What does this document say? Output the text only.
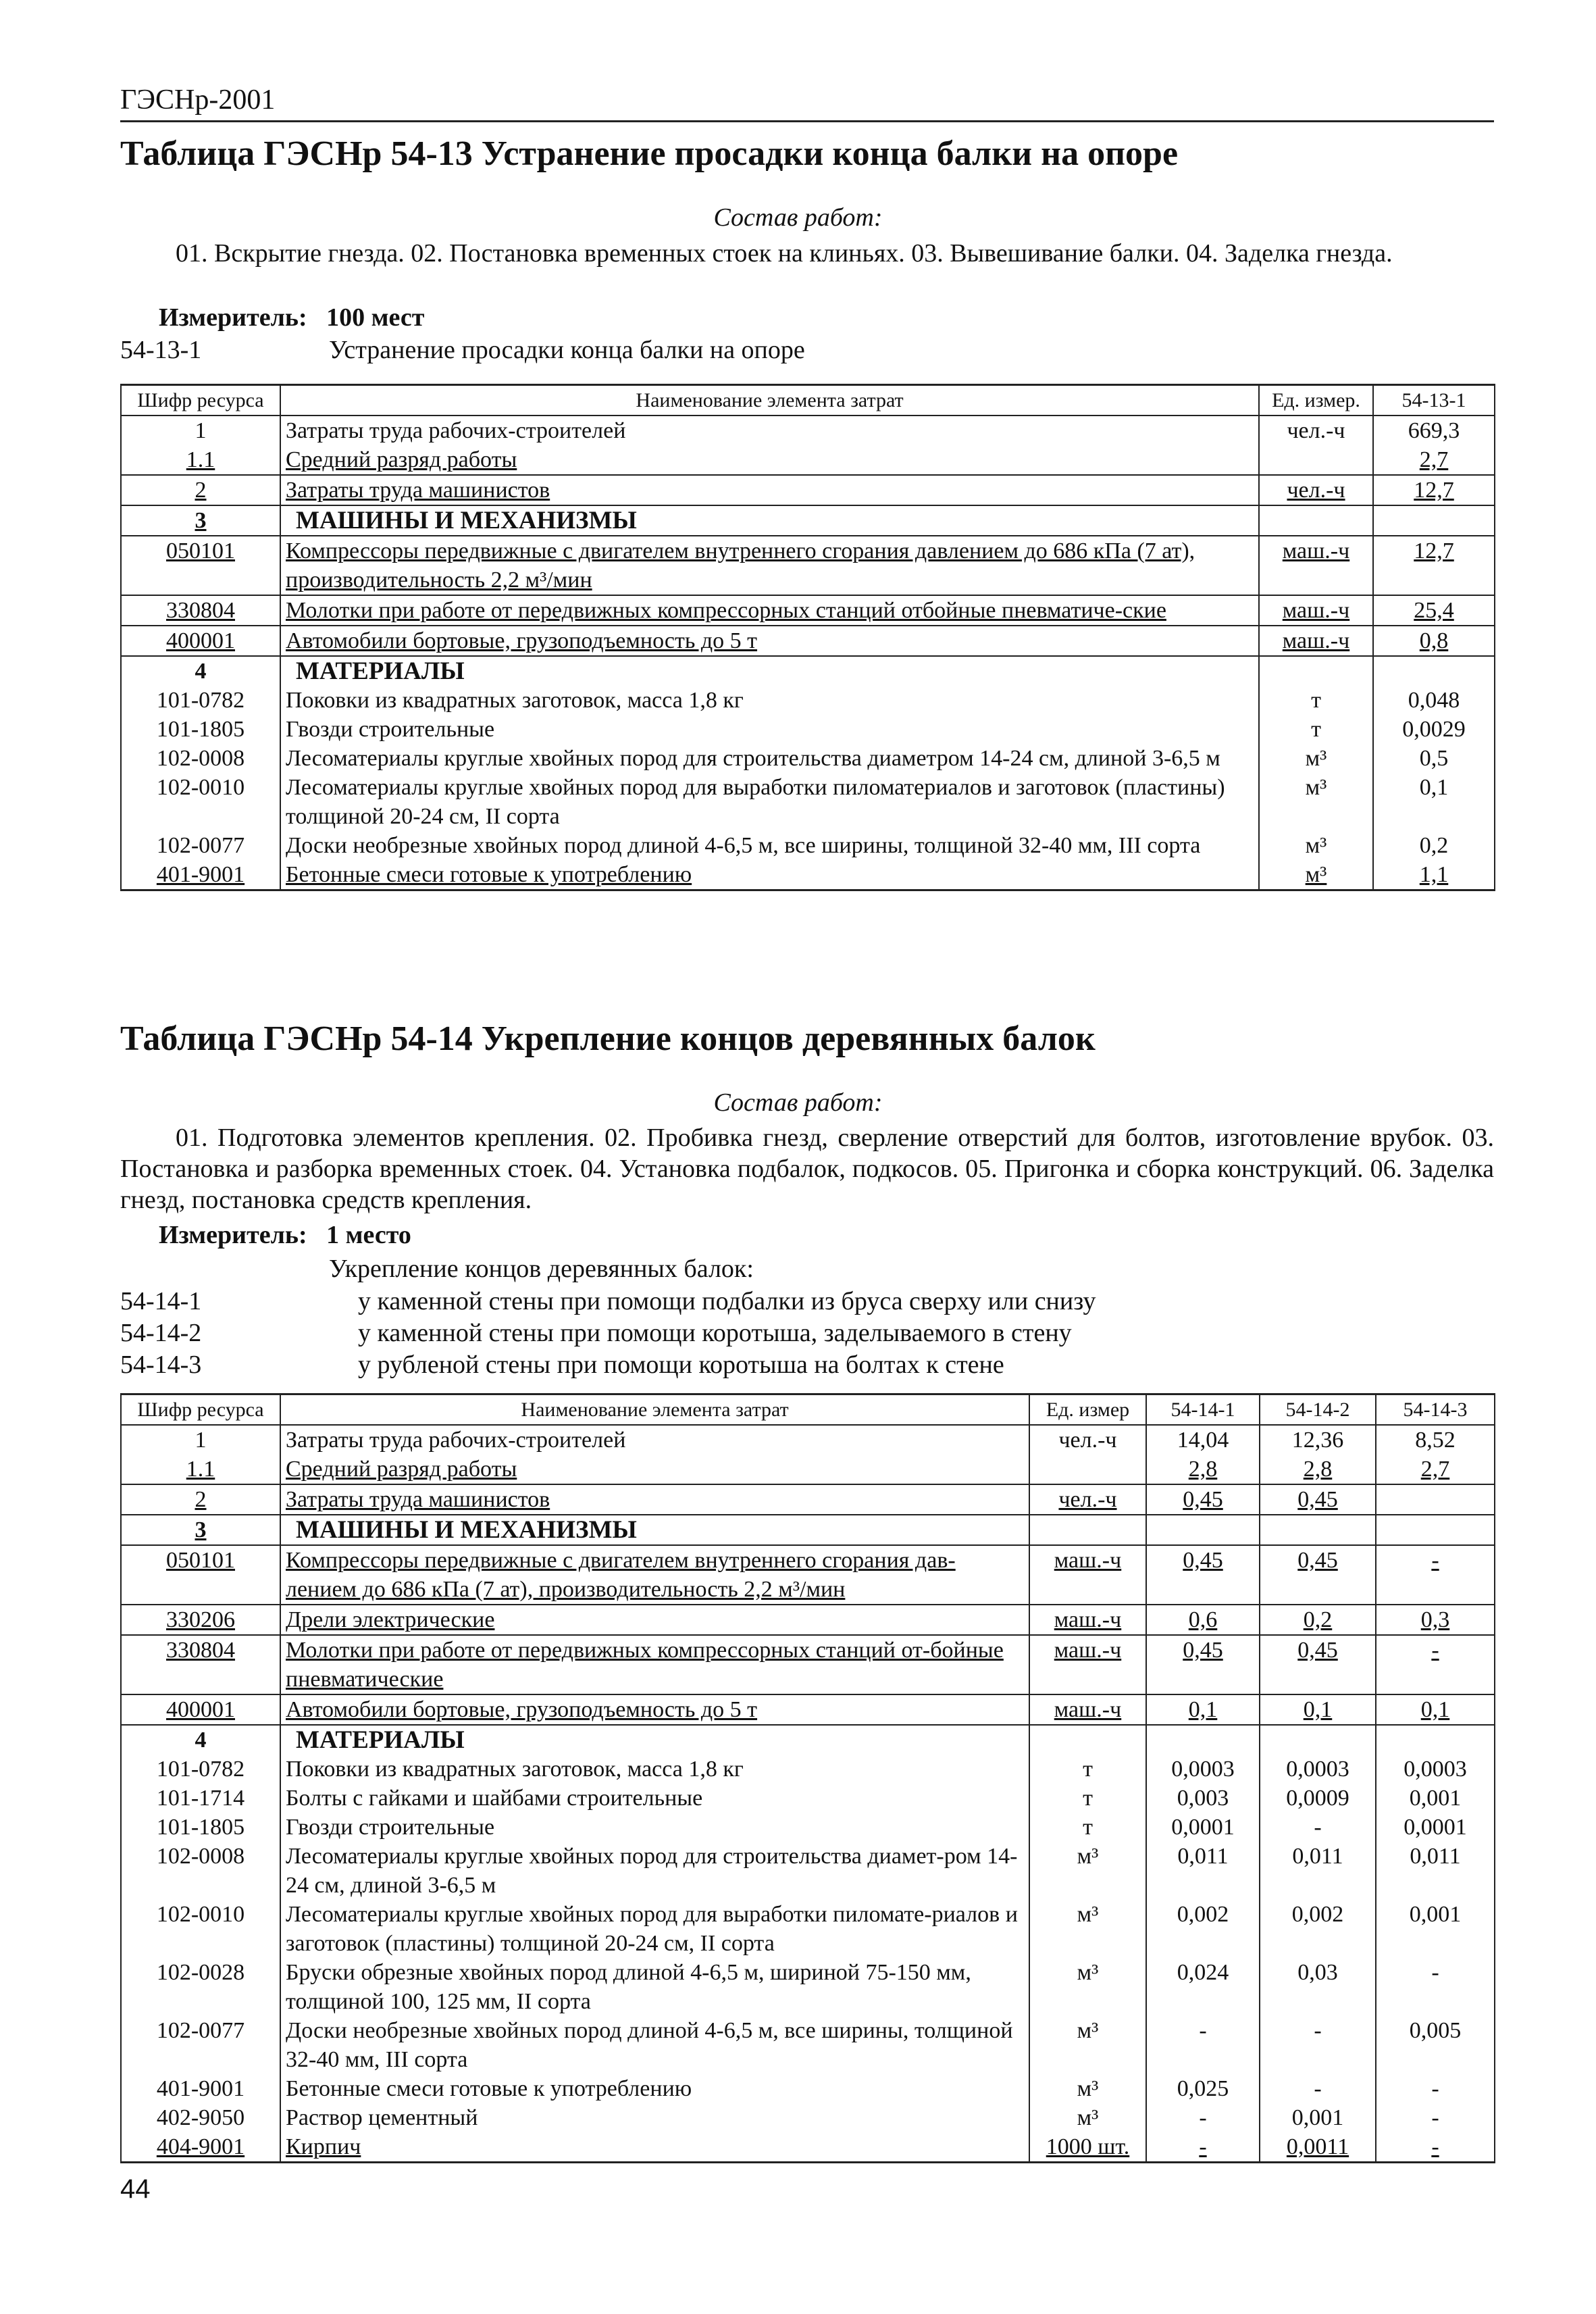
ГЭСНр-2001
Таблица ГЭСНр 54-13 Устранение просадки конца балки на опоре
Состав работ:
01. Вскрытие гнезда. 02. Постановка временных стоек на клиньях. 03. Вывешивание балки. 04. Заделка гнезда.
Измеритель: 100 мест
54-13-1	Устранение просадки конца балки на опоре
Шифр ресурса	Наименование элемента затрат	Ед. измер.	54-13-1
1	Затраты труда рабочих-строителей	чел.-ч	669,3
1.1	Средний разряд работы		2,7
2	Затраты труда машинистов	чел.-ч	12,7
3	МАШИНЫ И МЕХАНИЗМЫ		
050101	Компрессоры передвижные с двигателем внутреннего сгорания давлением до 686 кПа (7 ат), производительность 2,2 м³/мин	маш.-ч	12,7
330804	Молотки при работе от передвижных компрессорных станций отбойные пневматиче-ские	маш.-ч	25,4
400001	Автомобили бортовые, грузоподъемность до 5 т	маш.-ч	0,8
4	МАТЕРИАЛЫ		
101-0782	Поковки из квадратных заготовок, масса 1,8 кг	т	0,048
101-1805	Гвозди строительные	т	0,0029
102-0008	Лесоматериалы круглые хвойных пород для строительства диаметром 14-24 см, длиной 3-6,5 м	м³	0,5
102-0010	Лесоматериалы круглые хвойных пород для выработки пиломатериалов и заготовок (пластины) толщиной 20-24 см, II сорта	м³	0,1
102-0077	Доски необрезные хвойных пород длиной 4-6,5 м, все ширины, толщиной 32-40 мм, III сорта	м³	0,2
401-9001	Бетонные смеси готовые к употреблению	м³	1,1
Таблица ГЭСНр 54-14 Укрепление концов деревянных балок
Состав работ:
01. Подготовка элементов крепления. 02. Пробивка гнезд, сверление отверстий для болтов, изготовление врубок. 03. Постановка и разборка временных стоек. 04. Установка подбалок, подкосов. 05. Пригонка и сборка конструкций. 06. Заделка гнезд, постановка средств крепления.
Измеритель: 1 место
Укрепление концов деревянных балок:
54-14-1	у каменной стены при помощи подбалки из бруса сверху или снизу
54-14-2	у каменной стены при помощи коротыша, заделываемого в стену
54-14-3	у рубленой стены при помощи коротыша на болтах к стене
Шифр ресурса	Наименование элемента затрат	Ед. измер	54-14-1	54-14-2	54-14-3
1	Затраты труда рабочих-строителей	чел.-ч	14,04	12,36	8,52
1.1	Средний разряд работы		2,8	2,8	2,7
2	Затраты труда машинистов	чел.-ч	0,45	0,45	
3	МАШИНЫ И МЕХАНИЗМЫ				
050101	Компрессоры передвижные с двигателем внутреннего сгорания дав-лением до 686 кПа (7 ат), производительность 2,2 м³/мин	маш.-ч	0,45	0,45	-
330206	Дрели электрические	маш.-ч	0,6	0,2	0,3
330804	Молотки при работе от передвижных компрессорных станций от-бойные пневматические	маш.-ч	0,45	0,45	-
400001	Автомобили бортовые, грузоподъемность до 5 т	маш.-ч	0,1	0,1	0,1
4	МАТЕРИАЛЫ				
101-0782	Поковки из квадратных заготовок, масса 1,8 кг	т	0,0003	0,0003	0,0003
101-1714	Болты с гайками и шайбами строительные	т	0,003	0,0009	0,001
101-1805	Гвозди строительные	т	0,0001	-	0,0001
102-0008	Лесоматериалы круглые хвойных пород для строительства диамет-ром 14-24 см, длиной 3-6,5 м	м³	0,011	0,011	0,011
102-0010	Лесоматериалы круглые хвойных пород для выработки пиломате-риалов и заготовок (пластины) толщиной 20-24 см, II сорта	м³	0,002	0,002	0,001
102-0028	Бруски обрезные хвойных пород длиной 4-6,5 м, шириной 75-150 мм, толщиной 100, 125 мм, II сорта	м³	0,024	0,03	-
102-0077	Доски необрезные хвойных пород длиной 4-6,5 м, все ширины, толщиной 32-40 мм, III сорта	м³	-	-	0,005
401-9001	Бетонные смеси готовые к употреблению	м³	0,025	-	-
402-9050	Раствор цементный	м³	-	0,001	-
404-9001	Кирпич	1000 шт.	-	0,0011	-
44
